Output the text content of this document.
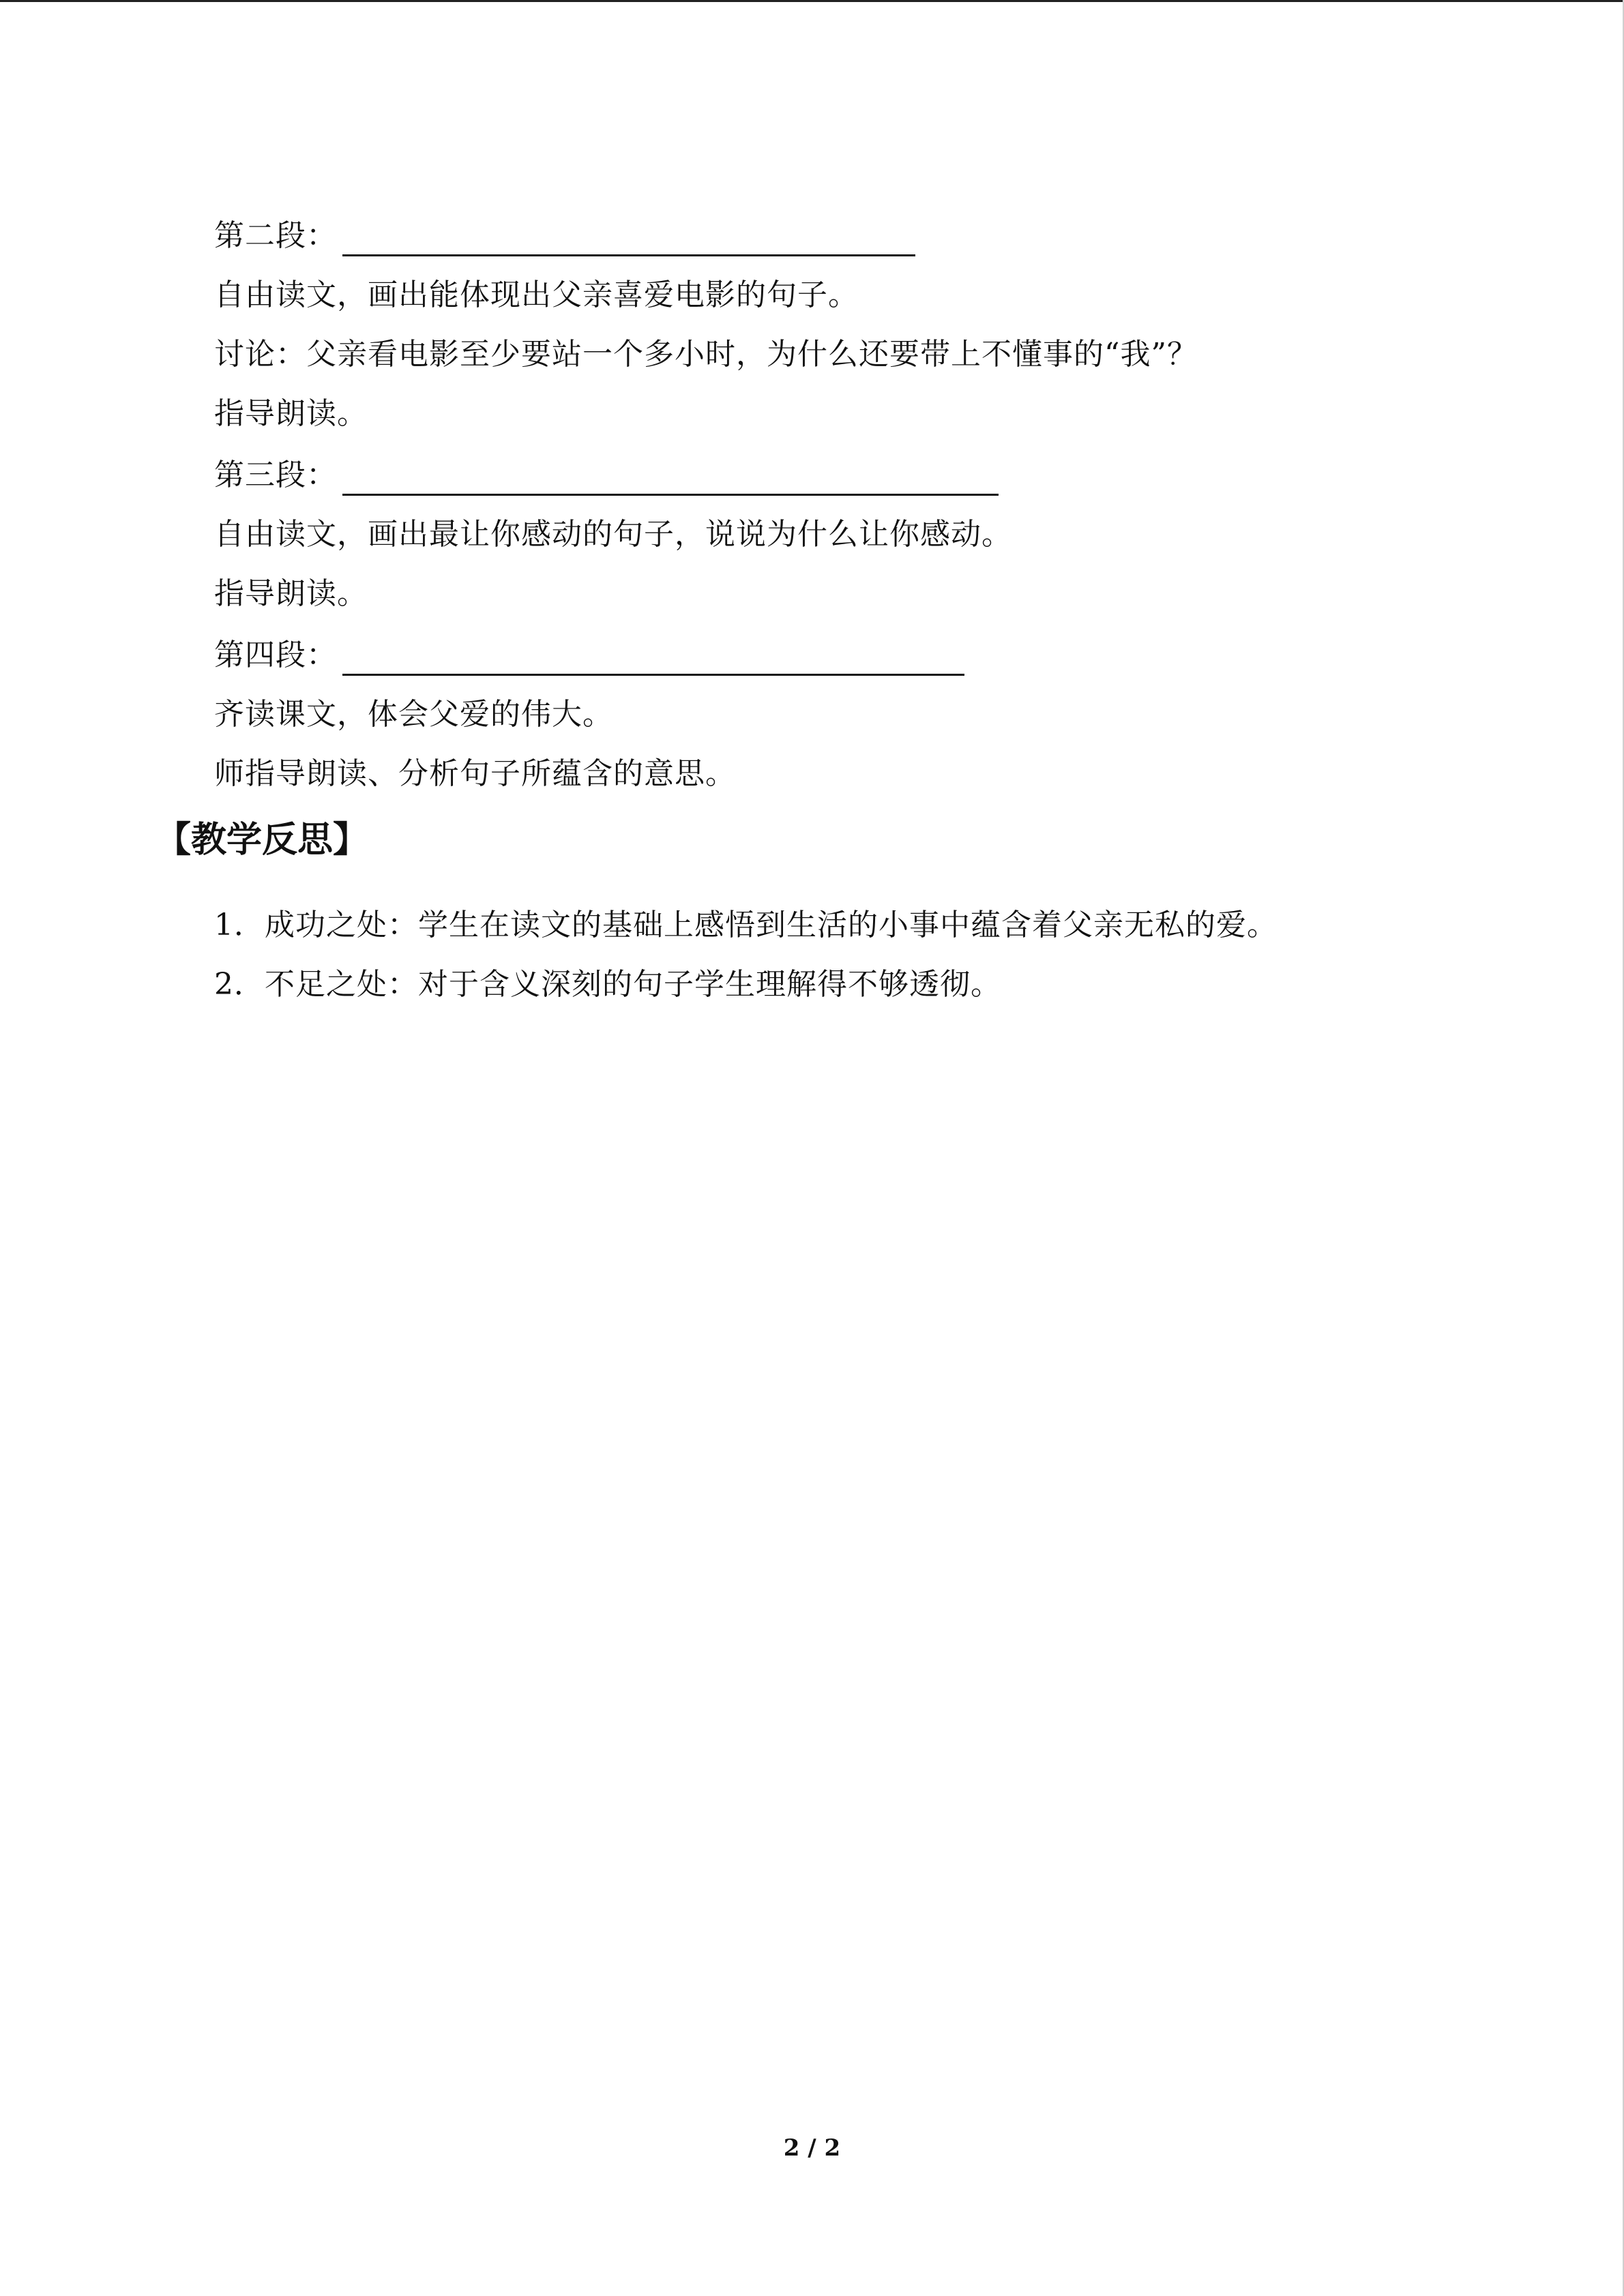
第二段：
自由读文，画出能体现出父亲喜爱电影的句子。
讨论：父亲看电影至少要站一个多小时，为什么还要带上不懂事的“我”？
指导朗读。
第三段：
自由读文，画出最让你感动的句子，说说为什么让你感动。
指导朗读。
第四段：
齐读课文，体会父爱的伟大。
师指导朗读、分析句子所蕴含的意思。
【教学反思】
1．成功之处：学生在读文的基础上感悟到生活的小事中蕴含着父亲无私的爱。
2．不足之处：对于含义深刻的句子学生理解得不够透彻。
2 / 2
